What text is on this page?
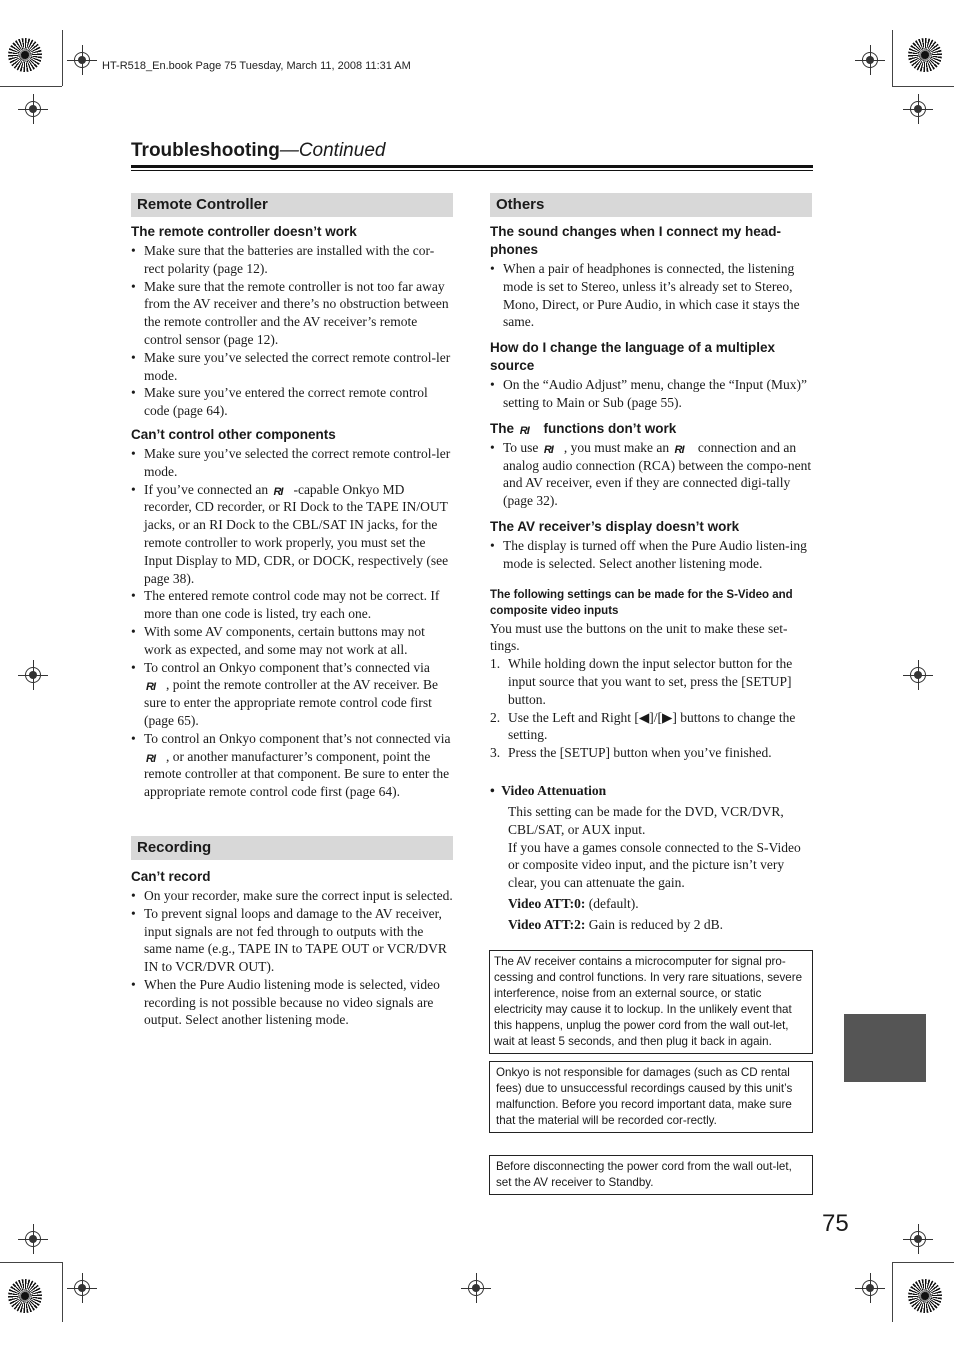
HT-R518_En.book Page 75 Tuesday, March 11, 2008 11:31 AM
Troubleshooting—Continued
Remote Controller
The remote controller doesn’t work
• Make sure that the batteries are installed with the cor-rect polarity (page 12).
• Make sure that the remote controller is not too far away from the AV receiver and there’s no obstruction between the remote controller and the AV receiver’s remote control sensor (page 12).
• Make sure you’ve selected the correct remote control-ler mode.
• Make sure you’ve entered the correct remote control code (page 64).
Can’t control other components
• Make sure you’ve selected the correct remote control-ler mode.
• If you’ve connected an RI -capable Onkyo MD recorder, CD recorder, or RI Dock to the TAPE IN/OUT jacks, or an RI Dock to the CBL/SAT IN jacks, for the remote controller to work properly, you must set the Input Display to MD, CDR, or DOCK, respectively (see page 38).
• The entered remote control code may not be correct. If more than one code is listed, try each one.
• With some AV components, certain buttons may not work as expected, and some may not work at all.
• To control an Onkyo component that’s connected via RI , point the remote controller at the AV receiver. Be sure to enter the appropriate remote control code first (page 65).
• To control an Onkyo component that’s not connected via RI , or another manufacturer’s component, point the remote controller at that component. Be sure to enter the appropriate remote control code first (page 64).
Recording
Can’t record
• On your recorder, make sure the correct input is selected.
• To prevent signal loops and damage to the AV receiver, input signals are not fed through to outputs with the same name (e.g., TAPE IN to TAPE OUT or VCR/DVR IN to VCR/DVR OUT).
• When the Pure Audio listening mode is selected, video recording is not possible because no video signals are output. Select another listening mode.
Others
The sound changes when I connect my head-phones
• When a pair of headphones is connected, the listening mode is set to Stereo, unless it’s already set to Stereo, Mono, Direct, or Pure Audio, in which case it stays the same.
How do I change the language of a multiplex source
• On the “Audio Adjust” menu, change the “Input (Mux)” setting to Main or Sub (page 55).
The RI functions don’t work
• To use RI , you must make an RI connection and an analog audio connection (RCA) between the compo-nent and AV receiver, even if they are connected digi-tally (page 32).
The AV receiver’s display doesn’t work
• The display is turned off when the Pure Audio listen-ing mode is selected. Select another listening mode.
The following settings can be made for the S-Video and composite video inputs

You must use the buttons on the unit to make these set-tings.

1. While holding down the input selector button for the input source that you want to set, press the [SETUP] button.
2. Use the Left and Right [◀]/[▶] buttons to change the setting.
3. Press the [SETUP] button when you’ve finished.
•  Video Attenuation

This setting can be made for the DVD, VCR/DVR, CBL/SAT, or AUX input.

If you have a games console connected to the S-Video or composite video input, and the picture isn’t very clear, you can attenuate the gain.

Video ATT:0: (default).

Video ATT:2: Gain is reduced by 2 dB.

The AV receiver contains a microcomputer for signal pro-cessing and control functions. In very rare situations, severe interference, noise from an external source, or static electricity may cause it to lockup. In the unlikely event that this happens, unplug the power cord from the wall out-let, wait at least 5 seconds, and then plug it back in again.
Onkyo is not responsible for damages (such as CD rental fees) due to unsuccessful recordings caused by this unit’s malfunction. Before you record important data, make sure that the material will be recorded cor-rectly.
Before disconnecting the power cord from the wall out-let, set the AV receiver to Standby.
75
